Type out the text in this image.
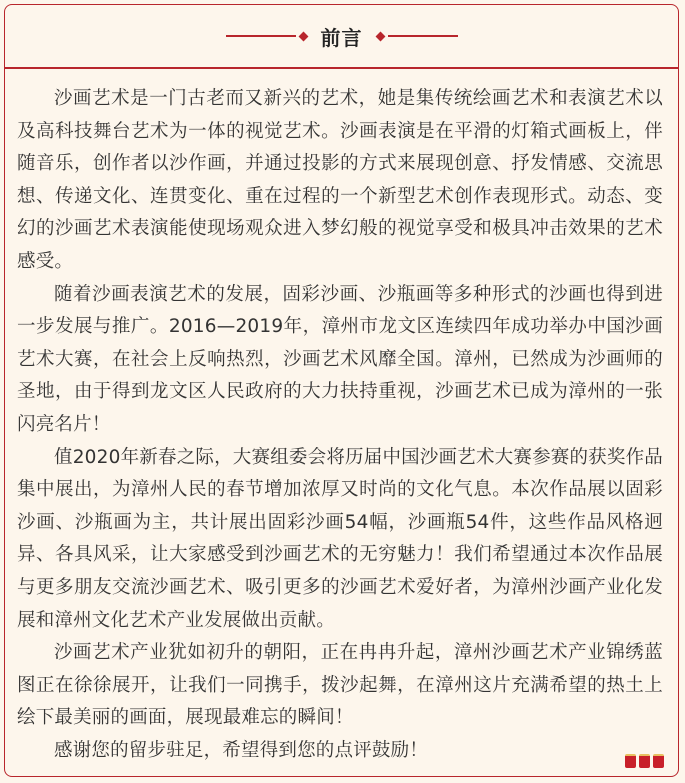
前言

沙画艺术是一门古老而又新兴的艺术，她是集传统绘画艺术和表演艺术以及高科技舞台艺术为一体的视觉艺术。沙画表演是在平滑的灯箱式画板上，伴随音乐，创作者以沙作画，并通过投影的方式来展现创意、抒发情感、交流思想、传递文化、连贯变化、重在过程的一个新型艺术创作表现形式。动态、变幻的沙画艺术表演能使现场观众进入梦幻般的视觉享受和极具冲击效果的艺术感受。

随着沙画表演艺术的发展，固彩沙画、沙瓶画等多种形式的沙画也得到进一步发展与推广。2016—2019年，漳州市龙文区连续四年成功举办中国沙画艺术大赛，在社会上反响热烈，沙画艺术风靡全国。漳州，已然成为沙画师的圣地，由于得到龙文区人民政府的大力扶持重视，沙画艺术已成为漳州的一张闪亮名片！

值2020年新春之际，大赛组委会将历届中国沙画艺术大赛参赛的获奖作品集中展出，为漳州人民的春节增加浓厚又时尚的文化气息。本次作品展以固彩沙画、沙瓶画为主，共计展出固彩沙画54幅，沙画瓶54件，这些作品风格迥异、各具风采，让大家感受到沙画艺术的无穷魅力！我们希望通过本次作品展与更多朋友交流沙画艺术、吸引更多的沙画艺术爱好者，为漳州沙画产业化发展和漳州文化艺术产业发展做出贡献。

沙画艺术产业犹如初升的朝阳，正在冉冉升起，漳州沙画艺术产业锦绣蓝图正在徐徐展开，让我们一同携手，拨沙起舞，在漳州这片充满希望的热土上绘下最美丽的画面，展现最难忘的瞬间！

感谢您的留步驻足，希望得到您的点评鼓励！
